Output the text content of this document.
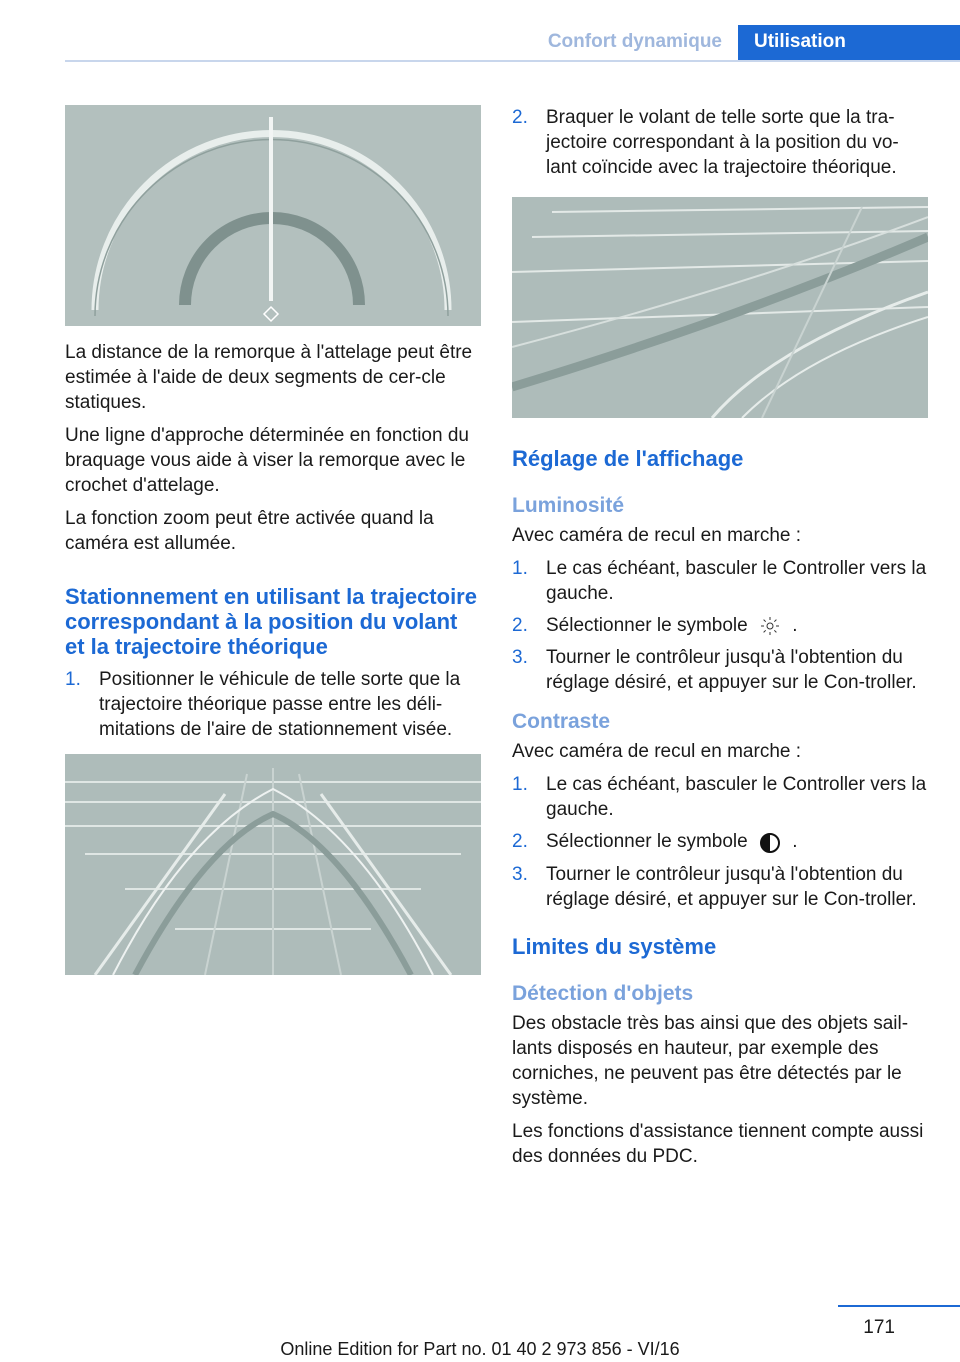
Confort dynamique	Utilisation

La distance de la remorque à l'attelage peut être estimée à l'aide de deux segments de cer-cle statiques.

Une ligne d'approche déterminée en fonction du braquage vous aide à viser la remorque avec le crochet d'attelage.

La fonction zoom peut être activée quand la caméra est allumée.

Stationnement en utilisant la trajectoire correspondant à la position du volant et la trajectoire théorique
1. Positionner le véhicule de telle sorte que la trajectoire théorique passe entre les déli-mitations de l'aire de stationnement visée.
2. Braquer le volant de telle sorte que la tra-jectoire correspondant à la position du vo-lant coïncide avec la trajectoire théorique.
Réglage de l'affichage
Luminosité

Avec caméra de recul en marche :

1. Le cas échéant, basculer le Controller vers la gauche.
2. Sélectionner le symbole .
3. Tourner le contrôleur jusqu'à l'obtention du réglage désiré, et appuyer sur le Con-troller.
Contraste

Avec caméra de recul en marche :

1. Le cas échéant, basculer le Controller vers la gauche.
2. Sélectionner le symbole .
3. Tourner le contrôleur jusqu'à l'obtention du réglage désiré, et appuyer sur le Con-troller.
Limites du système
Détection d'objets

Des obstacle très bas ainsi que des objets sail-lants disposés en hauteur, par exemple des corniches, ne peuvent pas être détectés par le système.

Les fonctions d'assistance tiennent compte aussi des données du PDC.

171
Online Edition for Part no. 01 40 2 973 856 - VI/16
